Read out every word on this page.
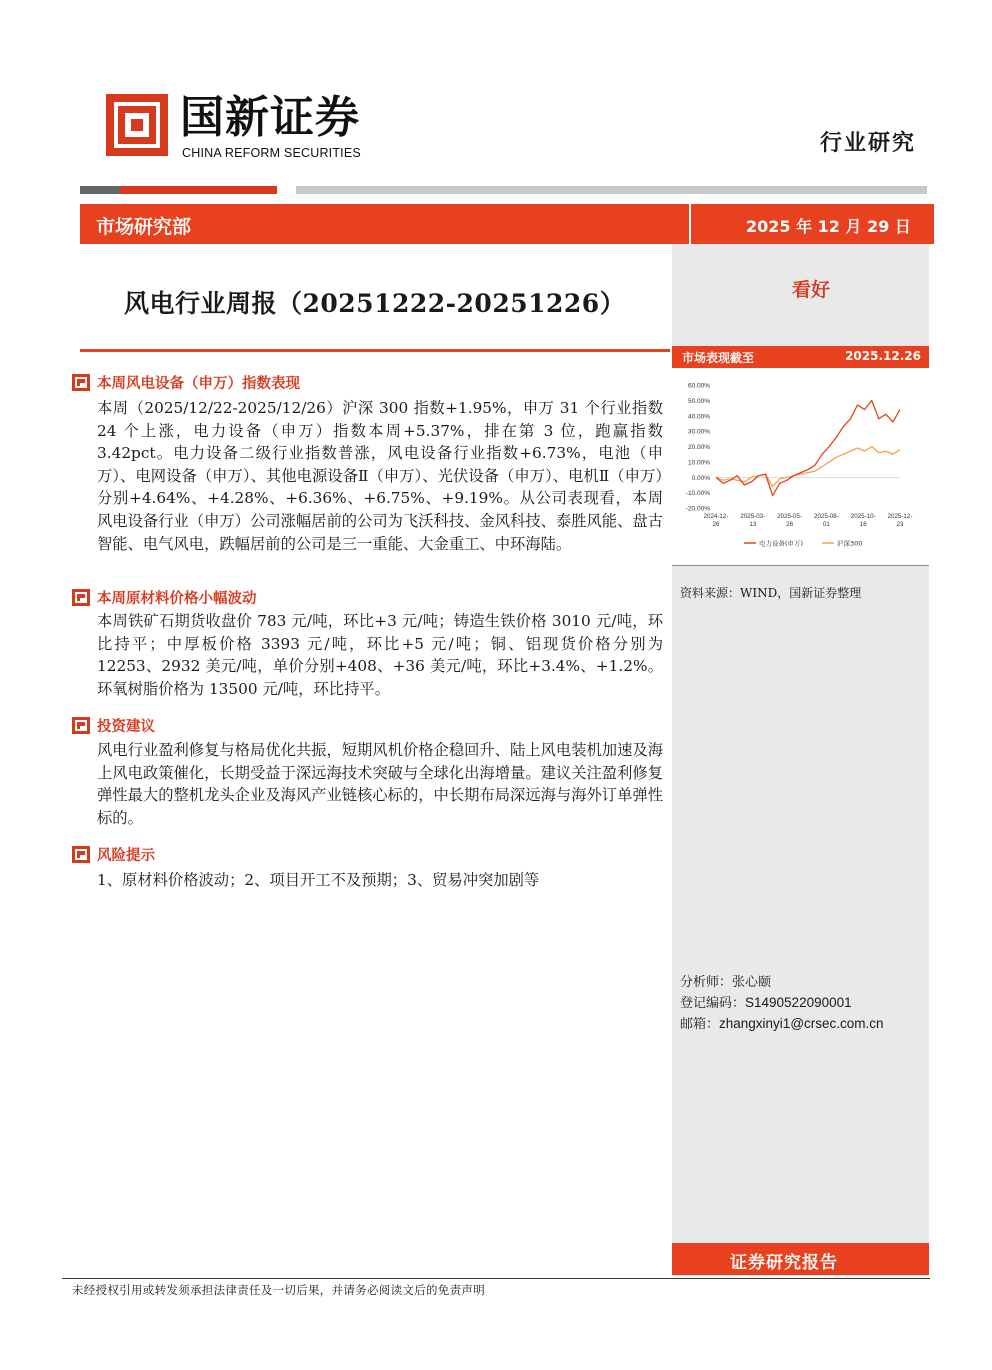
国新证券
CHINA REFORM SECURITIES	行业研究
市场研究部	2025 年 12 月 29 日
看好
风电行业周报（20251222-20251226）
市场表现截至	2025.12.26
60.00%
50.00%
40.00%
30.00%
20.00%
10.00%
0.00%
-10.00%
-20.00%
2024-12-26
2025-03-13
2025-05-26
2025-08-01
2025-10-16
2025-12-23
电力设备(申万)	沪深300
资料来源：WIND，国新证券整理
本周风电设备（申万）指数表现
本周（2025/12/22-2025/12/26）沪深 300 指数+1.95%，申万 31 个行业指数 24 个上涨，电力设备（申万）指数本周+5.37%，排在第 3 位，跑赢指数 3.42pct。电力设备二级行业指数普涨，风电设备行业指数+6.73%，电池（申万）、电网设备（申万）、其他电源设备Ⅱ（申万）、光伏设备（申万）、电机Ⅱ（申万）分别+4.64%、+4.28%、+6.36%、+6.75%、+9.19%。从公司表现看，本周风电设备行业（申万）公司涨幅居前的公司为飞沃科技、金风科技、泰胜风能、盘古智能、电气风电，跌幅居前的公司是三一重能、大金重工、中环海陆。
本周原材料价格小幅波动
本周铁矿石期货收盘价 783 元/吨，环比+3 元/吨；铸造生铁价格 3010 元/吨，环比持平；中厚板价格 3393 元/吨，环比+5 元/吨；铜、铝现货价格分别为 12253、2932 美元/吨，单价分别+408、+36 美元/吨，环比+3.4%、+1.2%。环氧树脂价格为 13500 元/吨，环比持平。
投资建议
风电行业盈利修复与格局优化共振，短期风机价格企稳回升、陆上风电装机加速及海上风电政策催化，长期受益于深远海技术突破与全球化出海增量。建议关注盈利修复弹性最大的整机龙头企业及海风产业链核心标的，中长期布局深远海与海外订单弹性标的。
风险提示
1、原材料价格波动；2、项目开工不及预期；3、贸易冲突加剧等
分析师：张心颐
登记编码：S1490522090001
邮箱：zhangxinyi1@crsec.com.cn
证券研究报告
未经授权引用或转发须承担法律责任及一切后果，并请务必阅读文后的免责声明
